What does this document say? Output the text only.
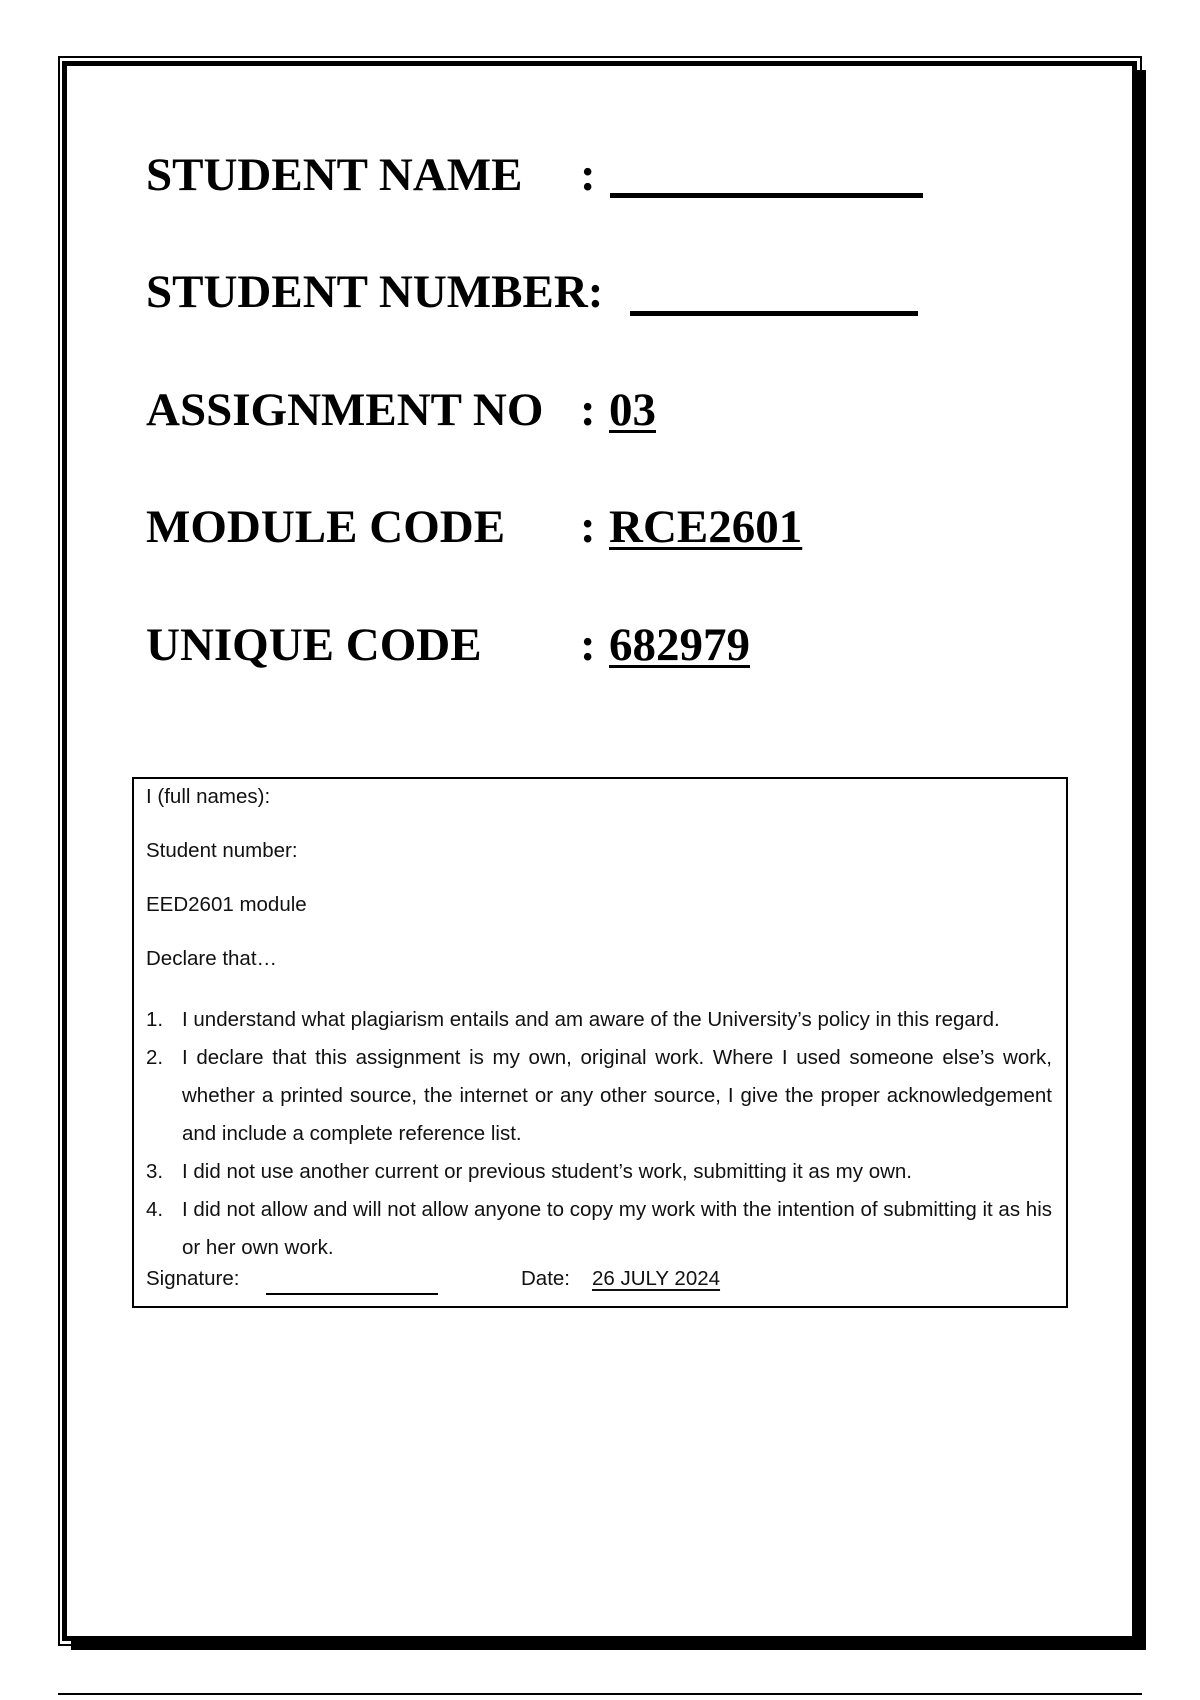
STUDENT NAME :
STUDENT NUMBER:
ASSIGNMENT NO : 03
MODULE CODE : RCE2601
UNIQUE CODE : 682979
I (full names):
Student number:
EED2601 module
Declare that…
1. I understand what plagiarism entails and am aware of the University’s policy in this regard.
2. I declare that this assignment is my own, original work. Where I used someone else’s work, whether a printed source, the internet or any other source, I give the proper acknowledgement and include a complete reference list.
3. I did not use another current or previous student’s work, submitting it as my own.
4. I did not allow and will not allow anyone to copy my work with the intention of submitting it as his or her own work.
Signature:	Date: 26 JULY 2024
